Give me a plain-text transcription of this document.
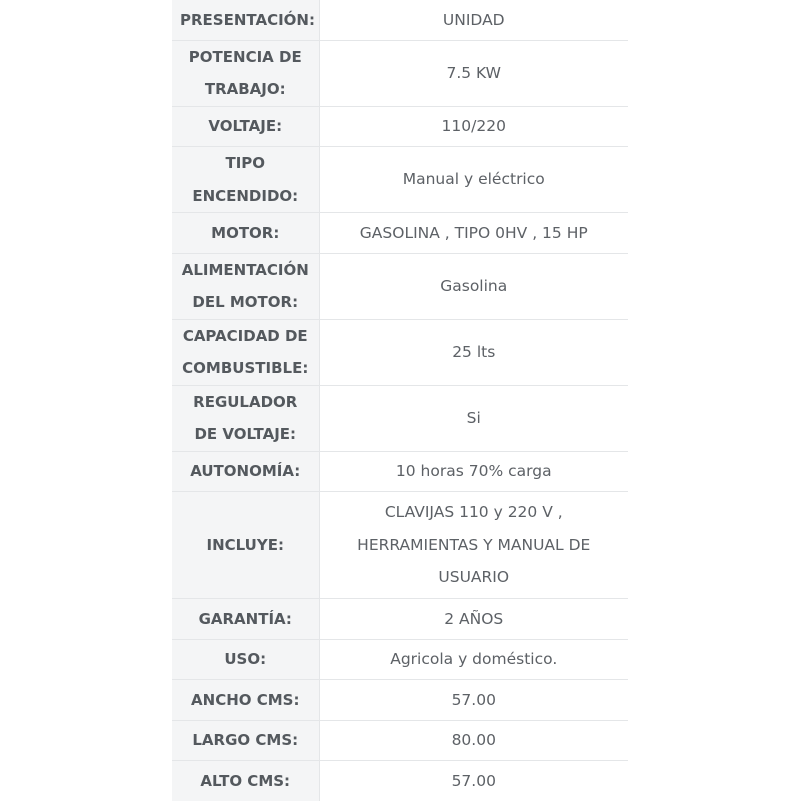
PRESENTACIÓN:	UNIDAD
POTENCIA DE TRABAJO:	7.5 KW
VOLTAJE:	110/220
TIPO ENCENDIDO:	Manual y eléctrico
MOTOR:	GASOLINA , TIPO 0HV , 15 HP
ALIMENTACIÓN DEL MOTOR:	Gasolina
CAPACIDAD DE COMBUSTIBLE:	25 lts
REGULADOR DE VOLTAJE:	Si
AUTONOMÍA:	10 horas 70% carga
INCLUYE:	CLAVIJAS 110 y 220 V , HERRAMIENTAS Y MANUAL DE USUARIO
GARANTÍA:	2 AÑOS
USO:	Agricola y doméstico.
ANCHO CMS:	57.00
LARGO CMS:	80.00
ALTO CMS:	57.00
